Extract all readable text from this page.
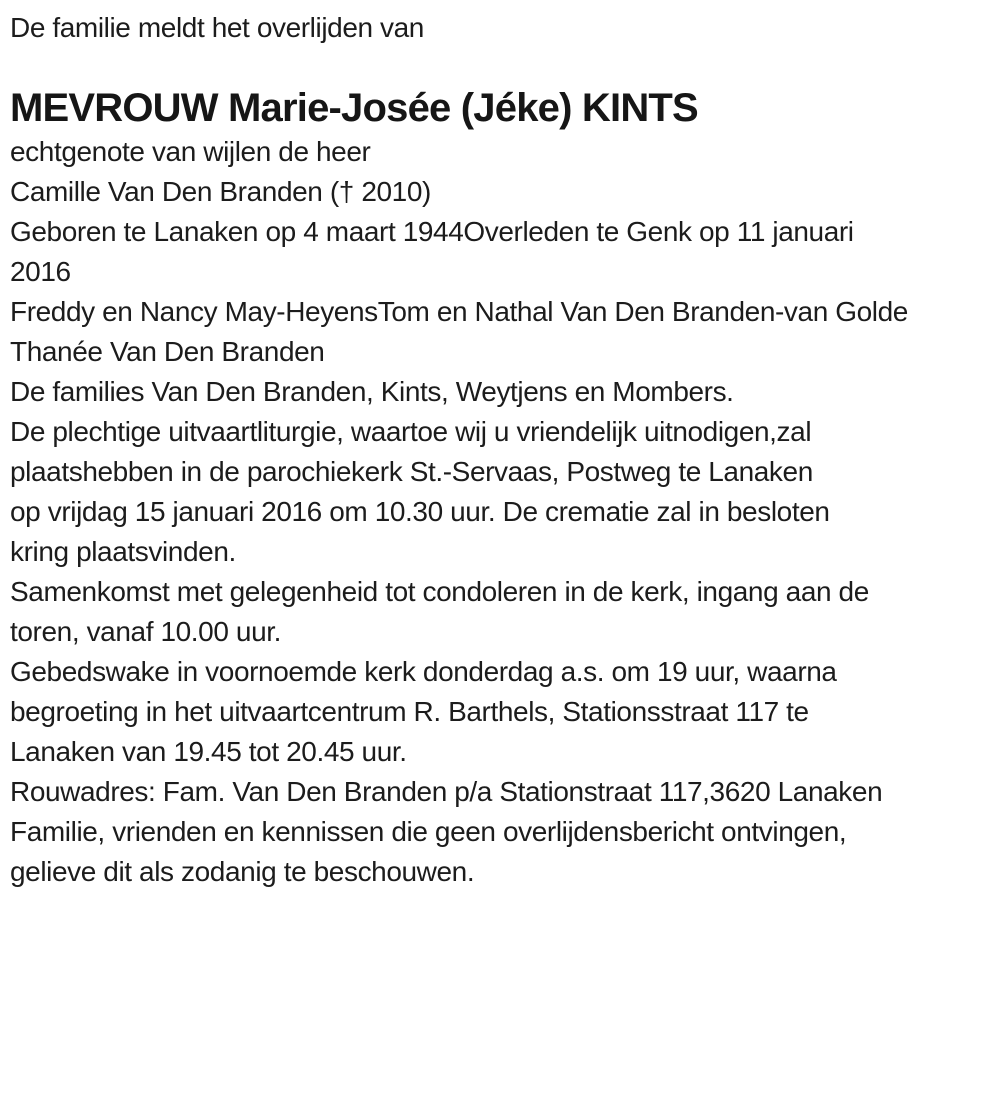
De familie meldt het overlijden van
MEVROUW Marie-Josée (Jéke) KINTS
echtgenote van wijlen de heer
Camille Van Den Branden († 2010)
Geboren te Lanaken op 4 maart 1944Overleden te Genk op 11 januari
2016
Freddy en Nancy May-HeyensTom en Nathal Van Den Branden-van Golde
Thanée Van Den Branden
De families Van Den Branden, Kints, Weytjens en Mombers.
De plechtige uitvaartliturgie, waartoe wij u vriendelijk uitnodigen,zal
plaatshebben in de parochiekerk St.-Servaas, Postweg te Lanaken
op vrijdag 15 januari 2016 om 10.30 uur. De crematie zal in besloten
kring plaatsvinden.
Samenkomst met gelegenheid tot condoleren in de kerk, ingang aan de
toren, vanaf 10.00 uur.
Gebedswake in voornoemde kerk donderdag a.s. om 19 uur, waarna
begroeting in het uitvaartcentrum R. Barthels, Stationsstraat 117 te
Lanaken van 19.45 tot 20.45 uur.
Rouwadres: Fam. Van Den Branden p/a Stationstraat 117,3620 Lanaken
Familie, vrienden en kennissen die geen overlijdensbericht ontvingen,
gelieve dit als zodanig te beschouwen.
